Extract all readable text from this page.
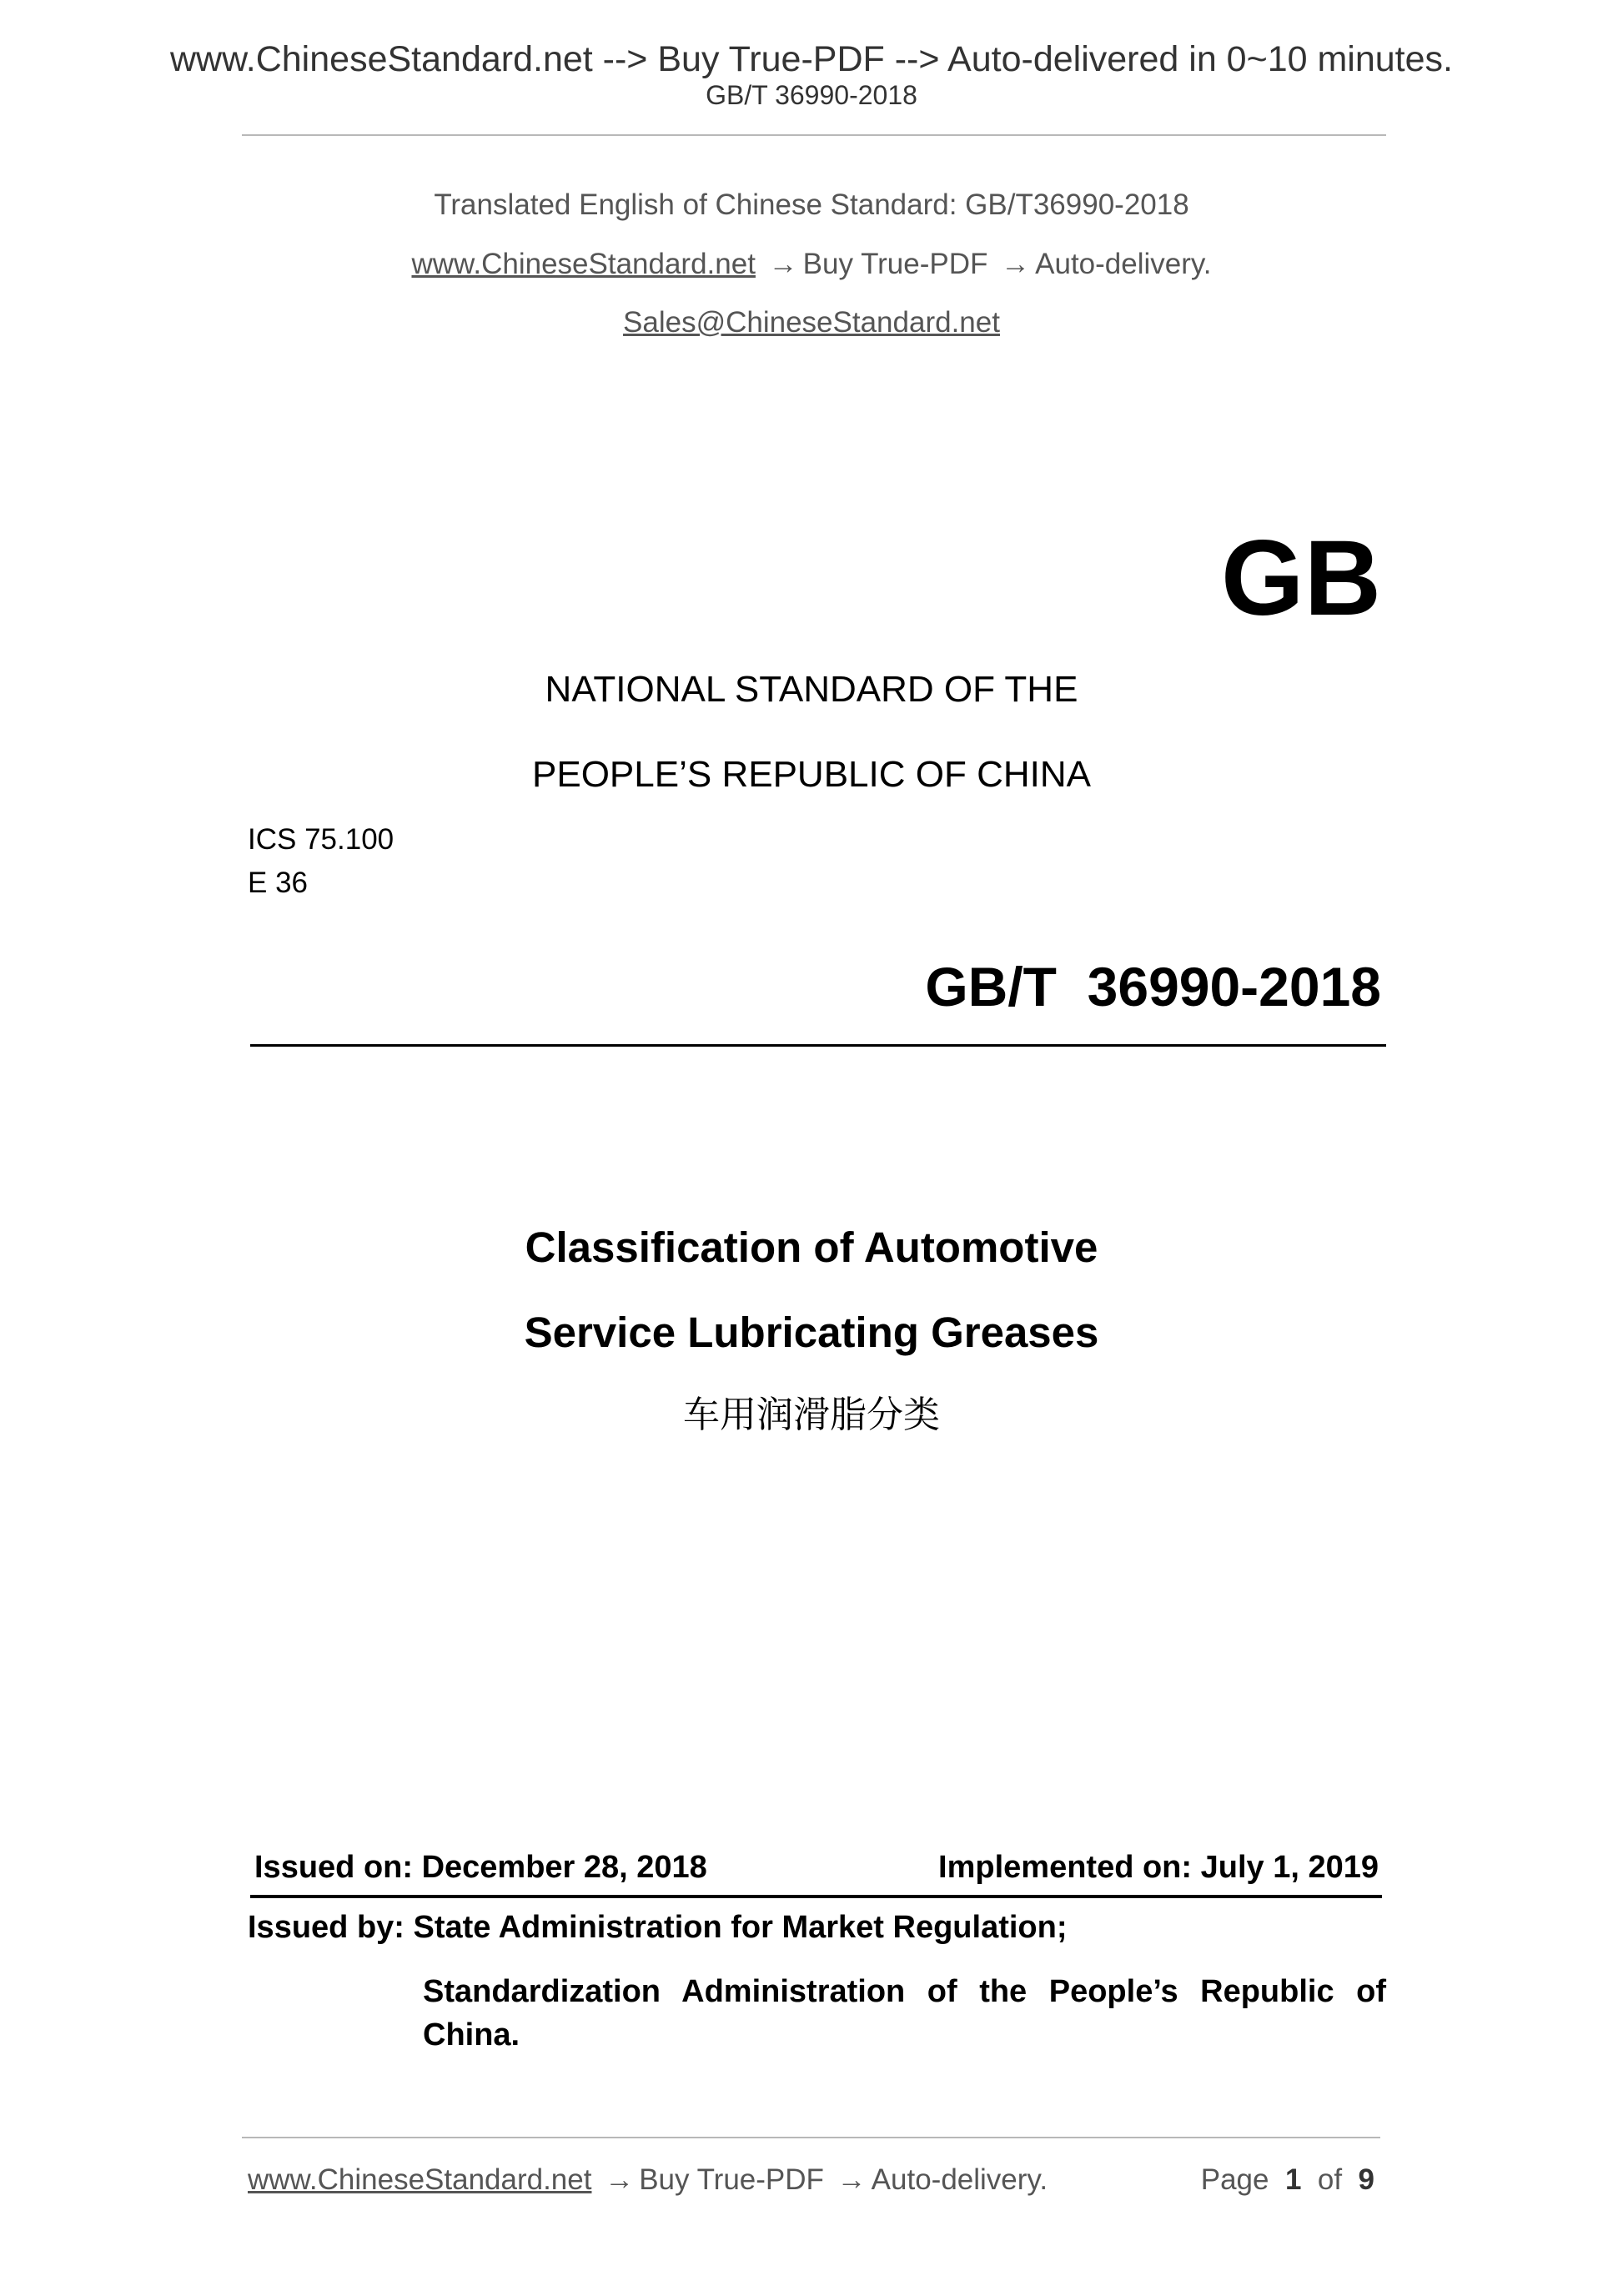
www.ChineseStandard.net --> Buy True-PDF --> Auto-delivered in 0~10 minutes.
GB/T 36990-2018
Translated English of Chinese Standard: GB/T36990-2018
www.ChineseStandard.net → Buy True-PDF → Auto-delivery.
Sales@ChineseStandard.net
GB
NATIONAL STANDARD OF THE
PEOPLE’S REPUBLIC OF CHINA
ICS 75.100
E 36
GB/T  36990-2018
Classification of Automotive
Service Lubricating Greases
车用润滑脂分类
Issued on: December 28, 2018	Implemented on: July 1, 2019
Issued by: State Administration for Market Regulation;
Standardization Administration of the People’s Republic of China.
www.ChineseStandard.net → Buy True-PDF → Auto-delivery.	Page 1 of 9
